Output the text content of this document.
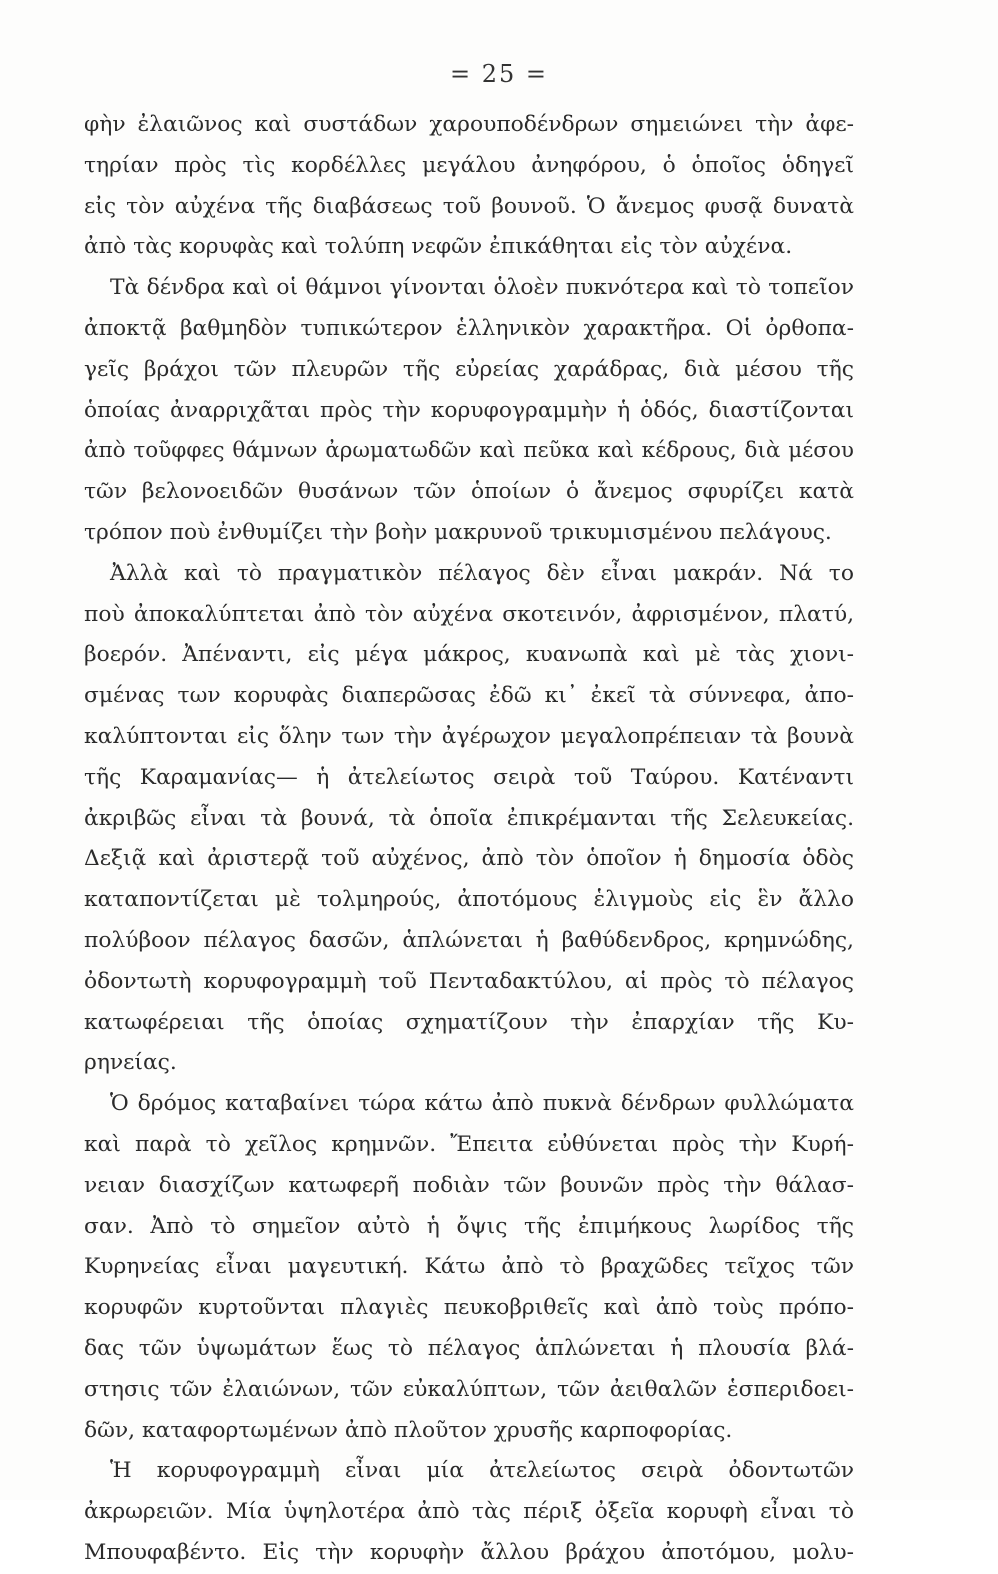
= 25 =
φὴν ἐλαιῶνος καὶ συστάδων χαρουποδένδρων σημειώνει τὴν ἀφε-
τηρίαν πρὸς τὶς κορδέλλες μεγάλου ἀνηφόρου, ὁ ὁποῖος ὁδηγεῖ
εἰς τὸν αὐχένα τῆς διαβάσεως τοῦ βουνοῦ. Ὁ ἄνεμος φυσᾷ δυνατὰ
ἀπὸ τὰς κορυφὰς καὶ τολύπη νεφῶν ἐπικάθηται εἰς τὸν αὐχένα.
Τὰ δένδρα καὶ οἱ θάμνοι γίνονται ὁλοὲν πυκνότερα καὶ τὸ τοπεῖον
ἀποκτᾷ βαθμηδὸν τυπικώτερον ἑλληνικὸν χαρακτῆρα. Οἱ ὀρθοπα-
γεῖς βράχοι τῶν πλευρῶν τῆς εὐρείας χαράδρας, διὰ μέσου τῆς
ὁποίας ἀναρριχᾶται πρὸς τὴν κορυφογραμμὴν ἡ ὁδός, διαστίζονται
ἀπὸ τοῦφφες θάμνων ἀρωματωδῶν καὶ πεῦκα καὶ κέδρους, διὰ μέσου
τῶν βελονοειδῶν θυσάνων τῶν ὁποίων ὁ ἄνεμος σφυρίζει κατὰ
τρόπον ποὺ ἐνθυμίζει τὴν βοὴν μακρυνοῦ τρικυμισμένου πελάγους.
Ἀλλὰ καὶ τὸ πραγματικὸν πέλαγος δὲν εἶναι μακράν. Νά το
ποὺ ἀποκαλύπτεται ἀπὸ τὸν αὐχένα σκοτεινόν, ἀφρισμένον, πλατύ,
βοερόν. Ἀπέναντι, εἰς μέγα μάκρος, κυανωπὰ καὶ μὲ τὰς χιονι-
σμένας των κορυφὰς διαπερῶσας ἐδῶ κι᾿ ἐκεῖ τὰ σύννεφα, ἀπο-
καλύπτονται εἰς ὅλην των τὴν ἀγέρωχον μεγαλοπρέπειαν τὰ βουνὰ
τῆς Καραμανίας— ἡ ἀτελείωτος σειρὰ τοῦ Ταύρου. Κατέναντι
ἀκριβῶς εἶναι τὰ βουνά, τὰ ὁποῖα ἐπικρέμανται τῆς Σελευκείας.
Δεξιᾷ καὶ ἀριστερᾷ τοῦ αὐχένος, ἀπὸ τὸν ὁποῖον ἡ δημοσία ὁδὸς
καταποντίζεται μὲ τολμηρούς, ἀποτόμους ἑλιγμοὺς εἰς ἓν ἄλλο
πολύβοον πέλαγος δασῶν, ἁπλώνεται ἡ βαθύδενδρος, κρημνώδης,
ὀδοντωτὴ κορυφογραμμὴ τοῦ Πενταδακτύλου, αἱ πρὸς τὸ πέλαγος
κατωφέρειαι τῆς ὁποίας σχηματίζουν τὴν ἐπαρχίαν τῆς Κυ-
ρηνείας.
Ὁ δρόμος καταβαίνει τώρα κάτω ἀπὸ πυκνὰ δένδρων φυλλώματα
καὶ παρὰ τὸ χεῖλος κρημνῶν. Ἔπειτα εὐθύνεται πρὸς τὴν Κυρή-
νειαν διασχίζων κατωφερῆ ποδιὰν τῶν βουνῶν πρὸς τὴν θάλασ-
σαν. Ἀπὸ τὸ σημεῖον αὐτὸ ἡ ὄψις τῆς ἐπιμήκους λωρίδος τῆς
Κυρηνείας εἶναι μαγευτική. Κάτω ἀπὸ τὸ βραχῶδες τεῖχος τῶν
κορυφῶν κυρτοῦνται πλαγιὲς πευκοβριθεῖς καὶ ἀπὸ τοὺς πρόπο-
δας τῶν ὑψωμάτων ἕως τὸ πέλαγος ἁπλώνεται ἡ πλουσία βλά-
στησις τῶν ἐλαιώνων, τῶν εὐκαλύπτων, τῶν ἀειθαλῶν ἑσπεριδοει-
δῶν, καταφορτωμένων ἀπὸ πλοῦτον χρυσῆς καρποφορίας.
Ἡ κορυφογραμμὴ εἶναι μία ἀτελείωτος σειρὰ ὀδοντωτῶν
ἀκρωρειῶν. Μία ὑψηλοτέρα ἀπὸ τὰς πέριξ ὀξεῖα κορυφὴ εἶναι τὸ
Μπουφαβέντο. Εἰς τὴν κορυφὴν ἄλλου βράχου ἀποτόμου, μολυ-
